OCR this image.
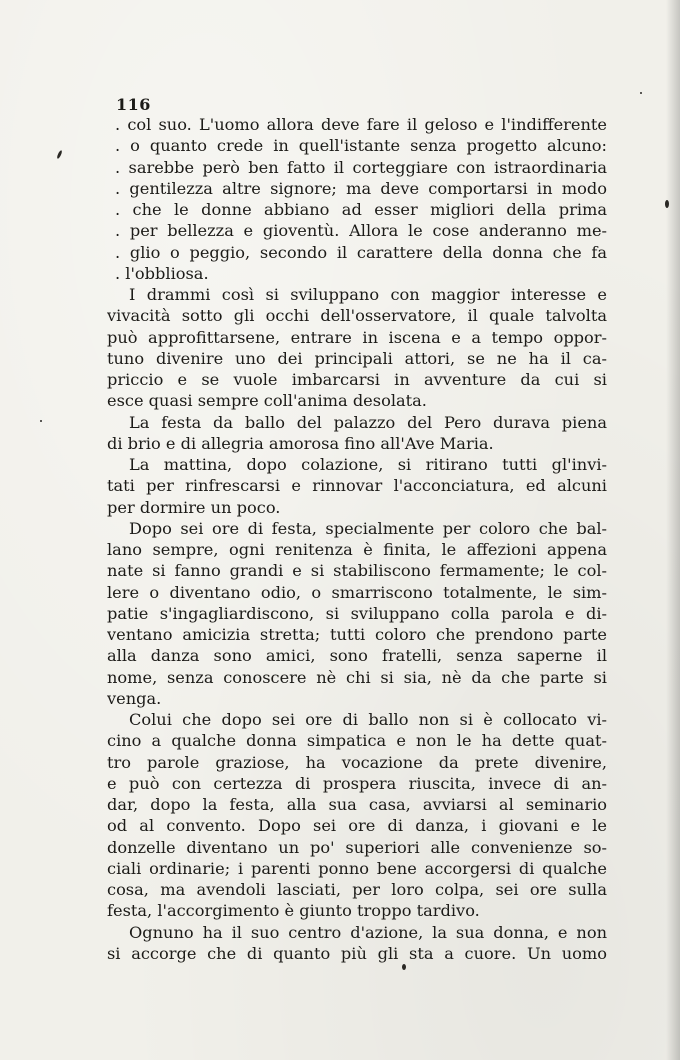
116
. col suo. L'uomo allora deve fare il geloso e l'indifferente
. o quanto crede in quell'istante senza progetto alcuno:
. sarebbe però ben fatto il corteggiare con istraordinaria
. gentilezza altre signore; ma deve comportarsi in modo
. che le donne abbiano ad esser migliori della prima
. per bellezza e gioventù. Allora le cose anderanno me-
. glio o peggio, secondo il carattere della donna che fa
. l'obbliosa.
I drammi così si sviluppano con maggior interesse e
vivacità sotto gli occhi dell'osservatore, il quale talvolta
può approfittarsene, entrare in iscena e a tempo oppor-
tuno divenire uno dei principali attori, se ne ha il ca-
priccio e se vuole imbarcarsi in avventure da cui si
esce quasi sempre coll'anima desolata.
La festa da ballo del palazzo del Pero durava piena
di brio e di allegria amorosa fino all'Ave Maria.
La mattina, dopo colazione, si ritirano tutti gl'invi-
tati per rinfrescarsi e rinnovar l'acconciatura, ed alcuni
per dormire un poco.
Dopo sei ore di festa, specialmente per coloro che bal-
lano sempre, ogni renitenza è finita, le affezioni appena
nate si fanno grandi e si stabiliscono fermamente; le col-
lere o diventano odio, o smarriscono totalmente, le sim-
patie s'ingagliardiscono, si sviluppano colla parola e di-
ventano amicizia stretta; tutti coloro che prendono parte
alla danza sono amici, sono fratelli, senza saperne il
nome, senza conoscere nè chi si sia, nè da che parte si
venga.
Colui che dopo sei ore di ballo non si è collocato vi-
cino a qualche donna simpatica e non le ha dette quat-
tro parole graziose, ha vocazione da prete divenire,
e può con certezza di prospera riuscita, invece di an-
dar, dopo la festa, alla sua casa, avviarsi al seminario
od al convento. Dopo sei ore di danza, i giovani e le
donzelle diventano un po' superiori alle convenienze so-
ciali ordinarie; i parenti ponno bene accorgersi di qualche
cosa, ma avendoli lasciati, per loro colpa, sei ore sulla
festa, l'accorgimento è giunto troppo tardivo.
Ognuno ha il suo centro d'azione, la sua donna, e non
si accorge che di quanto più gli sta a cuore. Un uomo
